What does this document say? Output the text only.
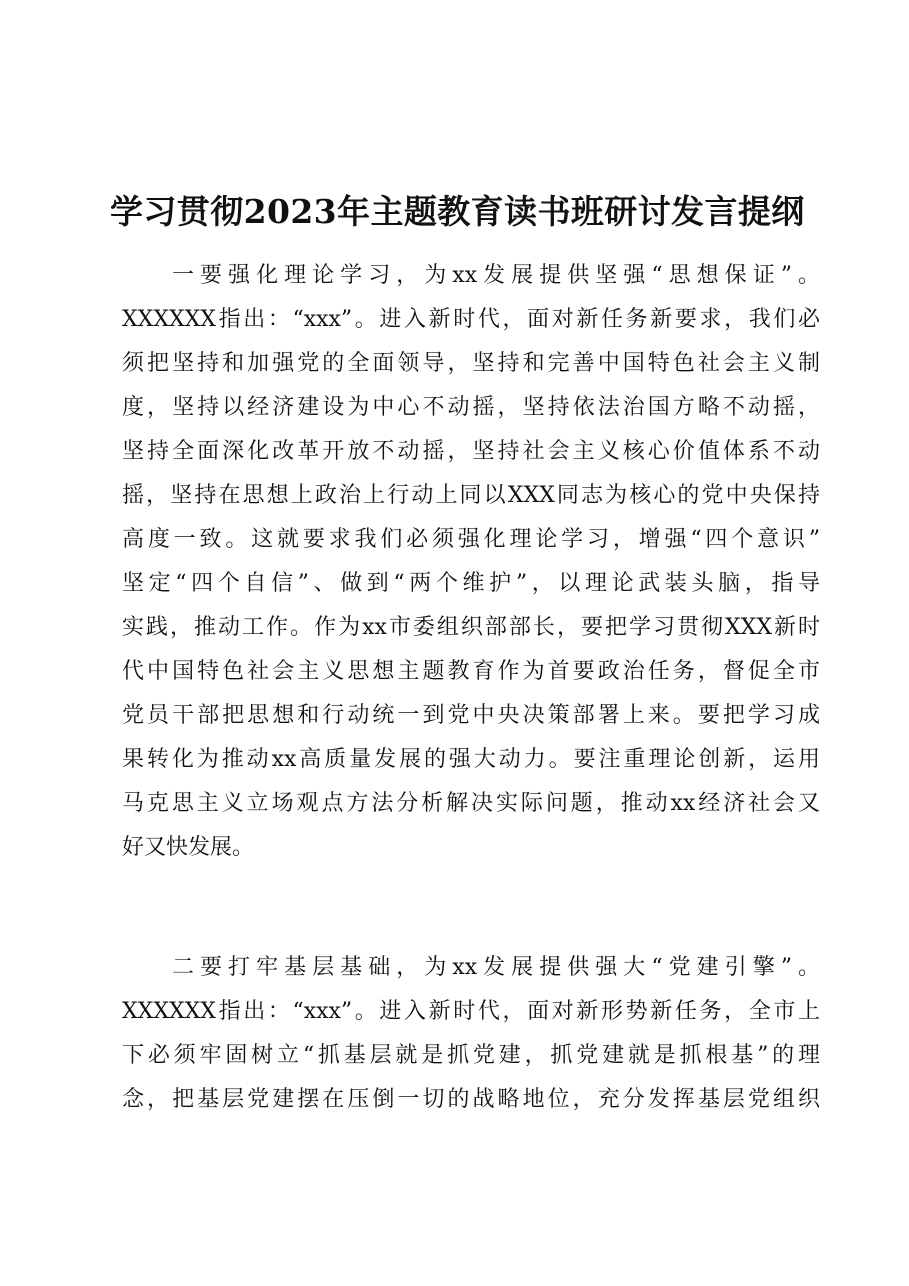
学习贯彻2023年主题教育读书班研讨发言提纲
一要强化理论学习，为xx发展提供坚强“思想保证”。
XXXXXX指出：“xxx”。进入新时代，面对新任务新要求，我们必
须把坚持和加强党的全面领导，坚持和完善中国特色社会主义制
度，坚持以经济建设为中心不动摇，坚持依法治国方略不动摇，
坚持全面深化改革开放不动摇，坚持社会主义核心价值体系不动
摇，坚持在思想上政治上行动上同以XXX同志为核心的党中央保持
高度一致。这就要求我们必须强化理论学习，增强“四个意识”
坚定“四个自信”、做到“两个维护”，以理论武装头脑，指导
实践，推动工作。作为xx市委组织部部长，要把学习贯彻XXX新时
代中国特色社会主义思想主题教育作为首要政治任务，督促全市
党员干部把思想和行动统一到党中央决策部署上来。要把学习成
果转化为推动xx高质量发展的强大动力。要注重理论创新，运用
马克思主义立场观点方法分析解决实际问题，推动xx经济社会又
好又快发展。
二要打牢基层基础，为xx发展提供强大“党建引擎”。
XXXXXX指出：“xxx”。进入新时代，面对新形势新任务，全市上
下必须牢固树立“抓基层就是抓党建，抓党建就是抓根基”的理
念，把基层党建摆在压倒一切的战略地位，充分发挥基层党组织
